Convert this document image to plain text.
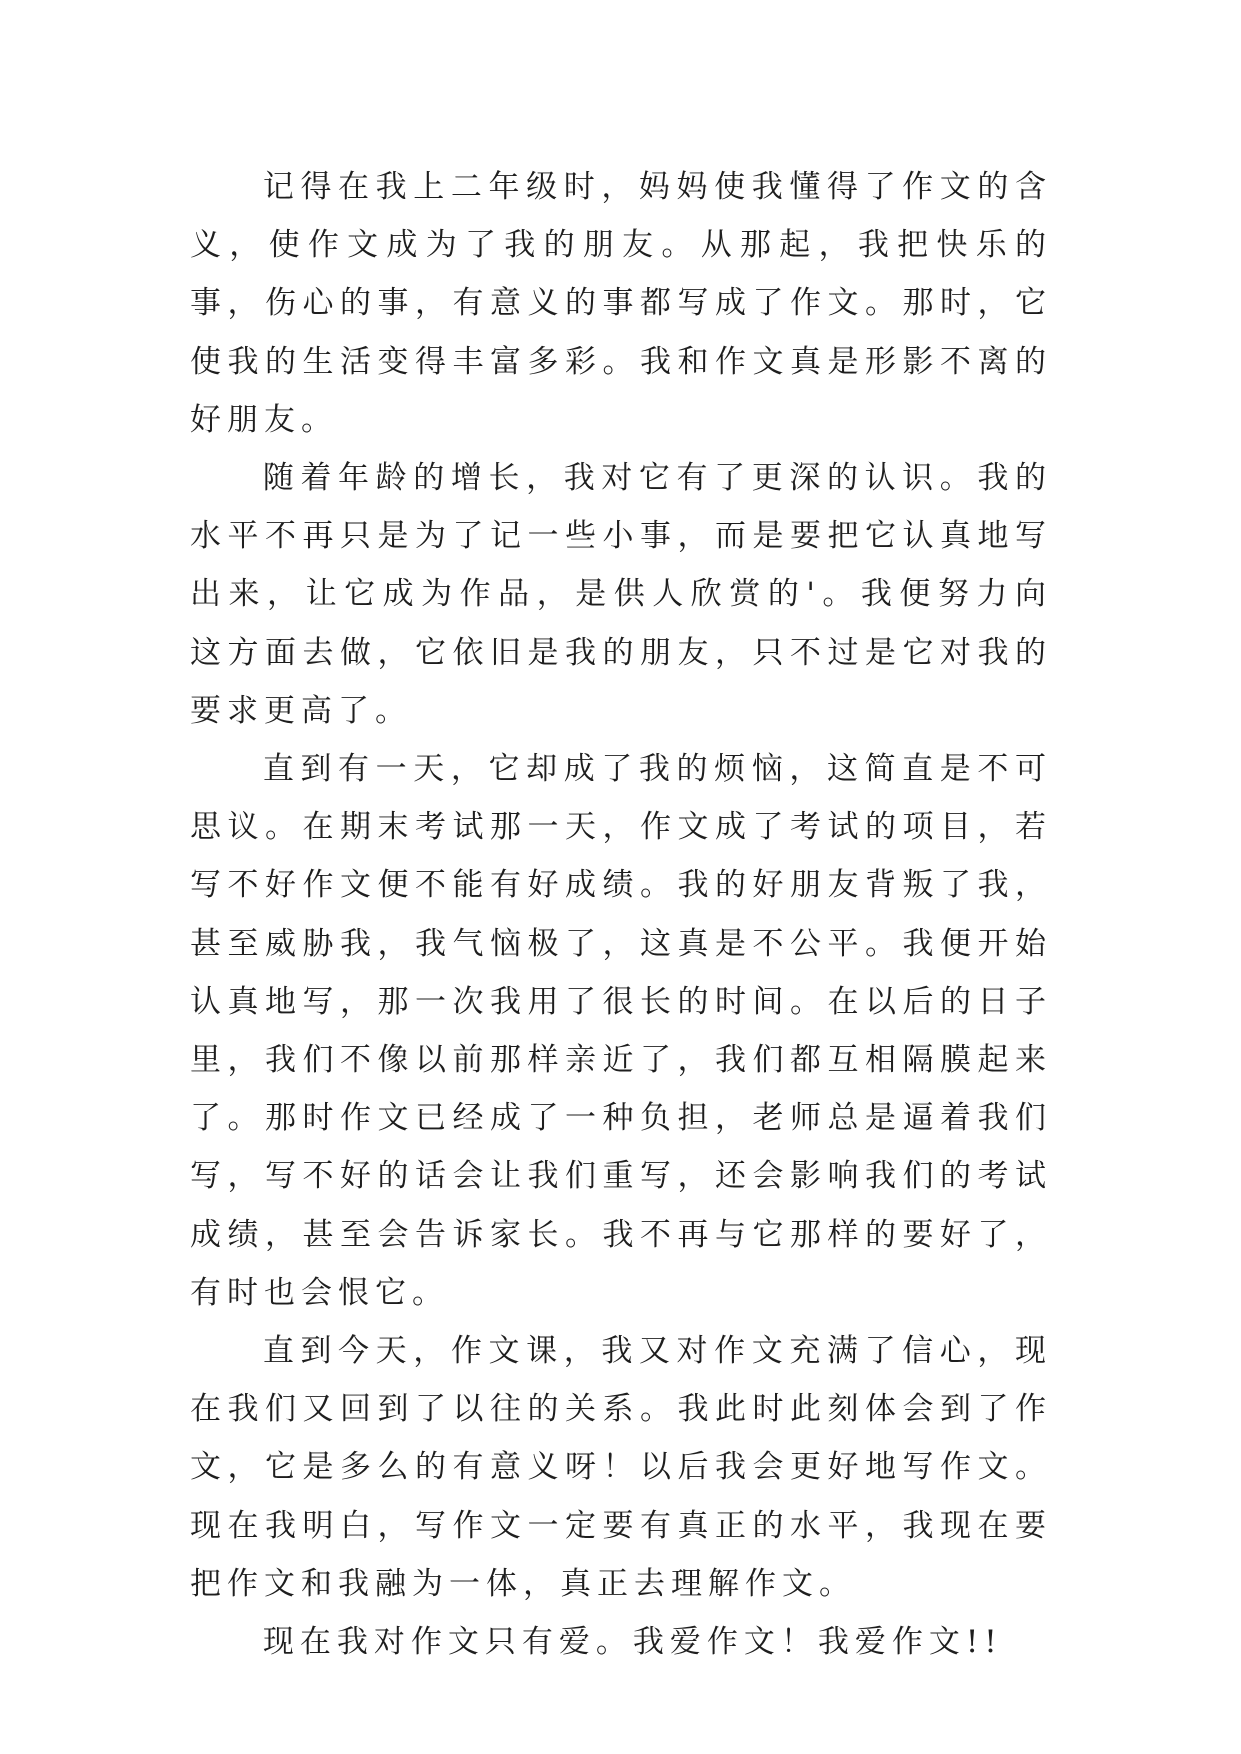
记得在我上二年级时，妈妈使我懂得了作文的含义，使作文成为了我的朋友。从那起，我把快乐的事，伤心的事，有意义的事都写成了作文。那时，它使我的生活变得丰富多彩。我和作文真是形影不离的好朋友。

随着年龄的增长，我对它有了更深的认识。我的水平不再只是为了记一些小事，而是要把它认真地写出来，让它成为作品，是供人欣赏的'。我便努力向这方面去做，它依旧是我的朋友，只不过是它对我的要求更高了。

直到有一天，它却成了我的烦恼，这简直是不可思议。在期末考试那一天，作文成了考试的项目，若写不好作文便不能有好成绩。我的好朋友背叛了我，甚至威胁我，我气恼极了，这真是不公平。我便开始认真地写，那一次我用了很长的时间。在以后的日子里，我们不像以前那样亲近了，我们都互相隔膜起来了。那时作文已经成了一种负担，老师总是逼着我们写，写不好的话会让我们重写，还会影响我们的考试成绩，甚至会告诉家长。我不再与它那样的要好了，有时也会恨它。

直到今天，作文课，我又对作文充满了信心，现在我们又回到了以往的关系。我此时此刻体会到了作文，它是多么的有意义呀！以后我会更好地写作文。现在我明白，写作文一定要有真正的水平，我现在要把作文和我融为一体，真正去理解作文。

现在我对作文只有爱。我爱作文！我爱作文!!
